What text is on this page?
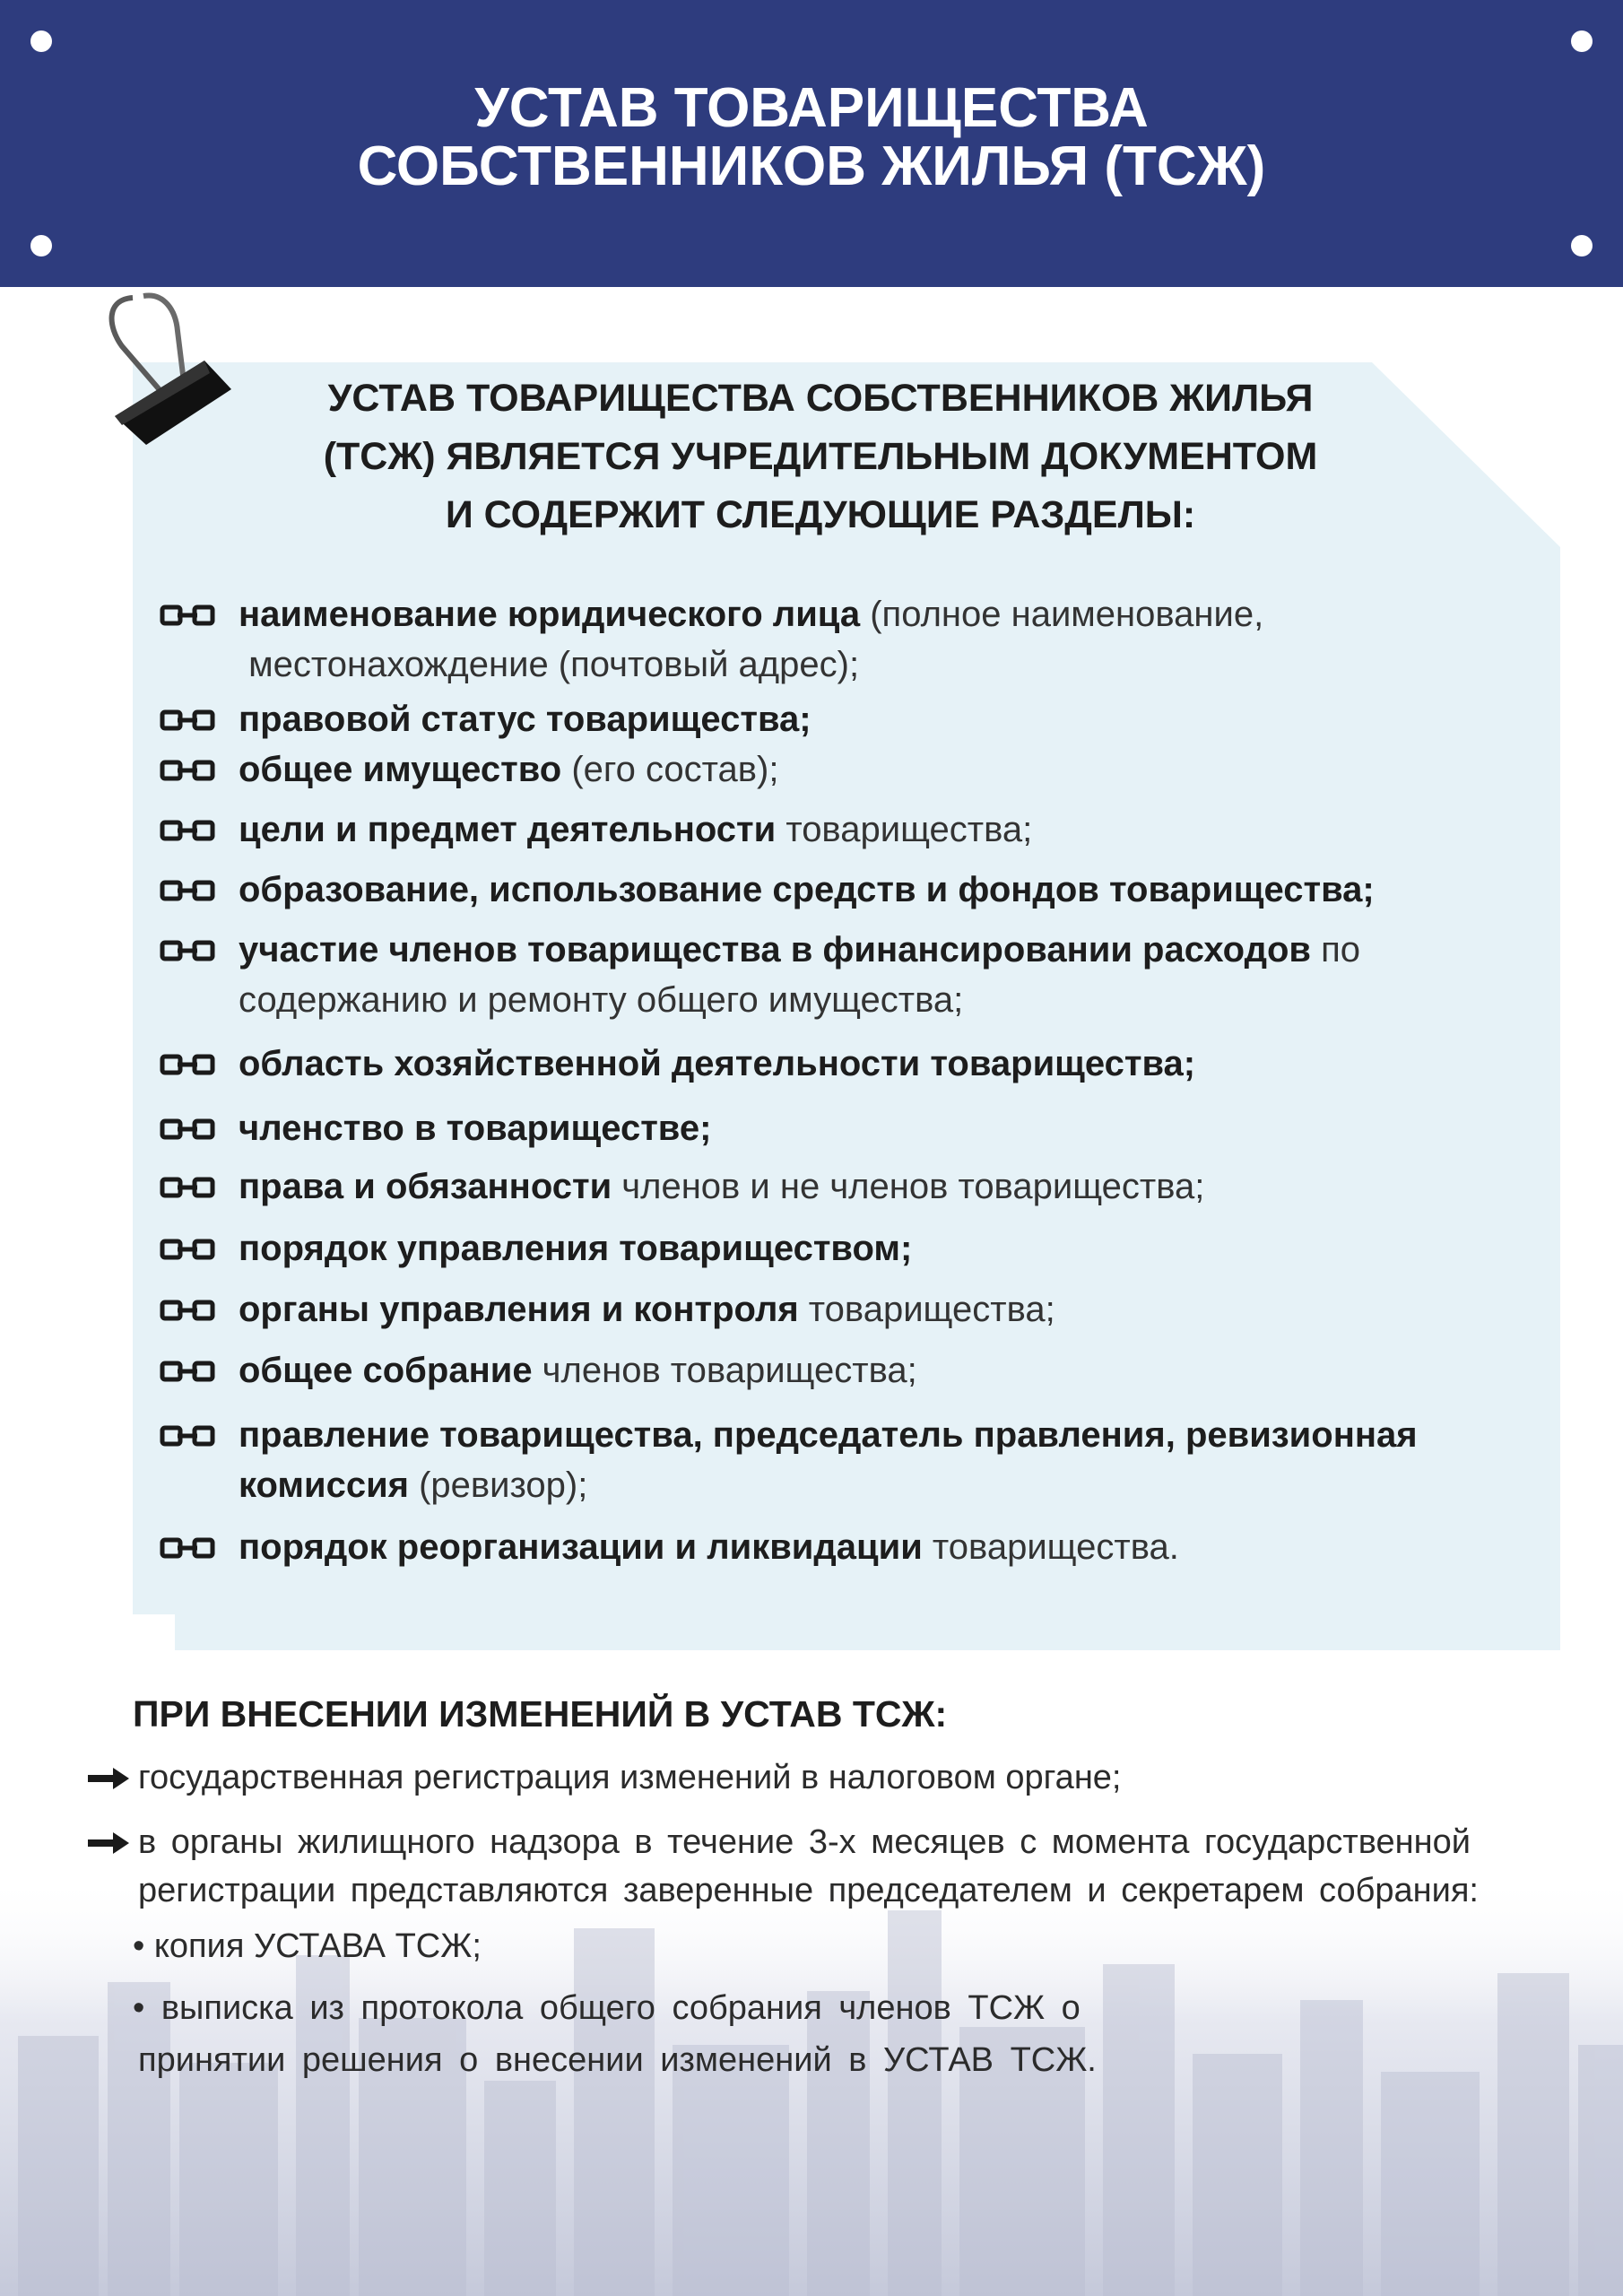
УСТАВ ТОВАРИЩЕСТВА
СОБСТВЕННИКОВ ЖИЛЬЯ (ТСЖ)
УСТАВ ТОВАРИЩЕСТВА СОБСТВЕННИКОВ ЖИЛЬЯ
(ТСЖ) ЯВЛЯЕТСЯ УЧРЕДИТЕЛЬНЫМ ДОКУМЕНТОМ
И СОДЕРЖИТ СЛЕДУЮЩИЕ РАЗДЕЛЫ:
наименование юридического лица (полное наименование,
местонахождение (почтовый адрес);
правовой статус товарищества;
общее имущество (его состав);
цели и предмет деятельности товарищества;
образование, использование средств и фондов товарищества;
участие членов товарищества в финансировании расходов по
содержанию и ремонту общего имущества;
область хозяйственной деятельности товарищества;
членство в товариществе;
права и обязанности членов и не членов товарищества;
порядок управления товариществом;
органы управления и контроля товарищества;
общее собрание членов товарищества;
правление товарищества, председатель правления, ревизионная
комиссия (ревизор);
порядок реорганизации и ликвидации товарищества.
ПРИ ВНЕСЕНИИ ИЗМЕНЕНИЙ В УСТАВ ТСЖ:
государственная регистрация изменений в налоговом органе;
в органы жилищного надзора в течение 3-х месяцев с момента государственной
регистрации представляются заверенные председателем и секретарем собрания:
• копия УСТАВА ТСЖ;
• выписка из протокола общего собрания членов ТСЖ о
принятии решения о внесении изменений в УСТАВ ТСЖ.
